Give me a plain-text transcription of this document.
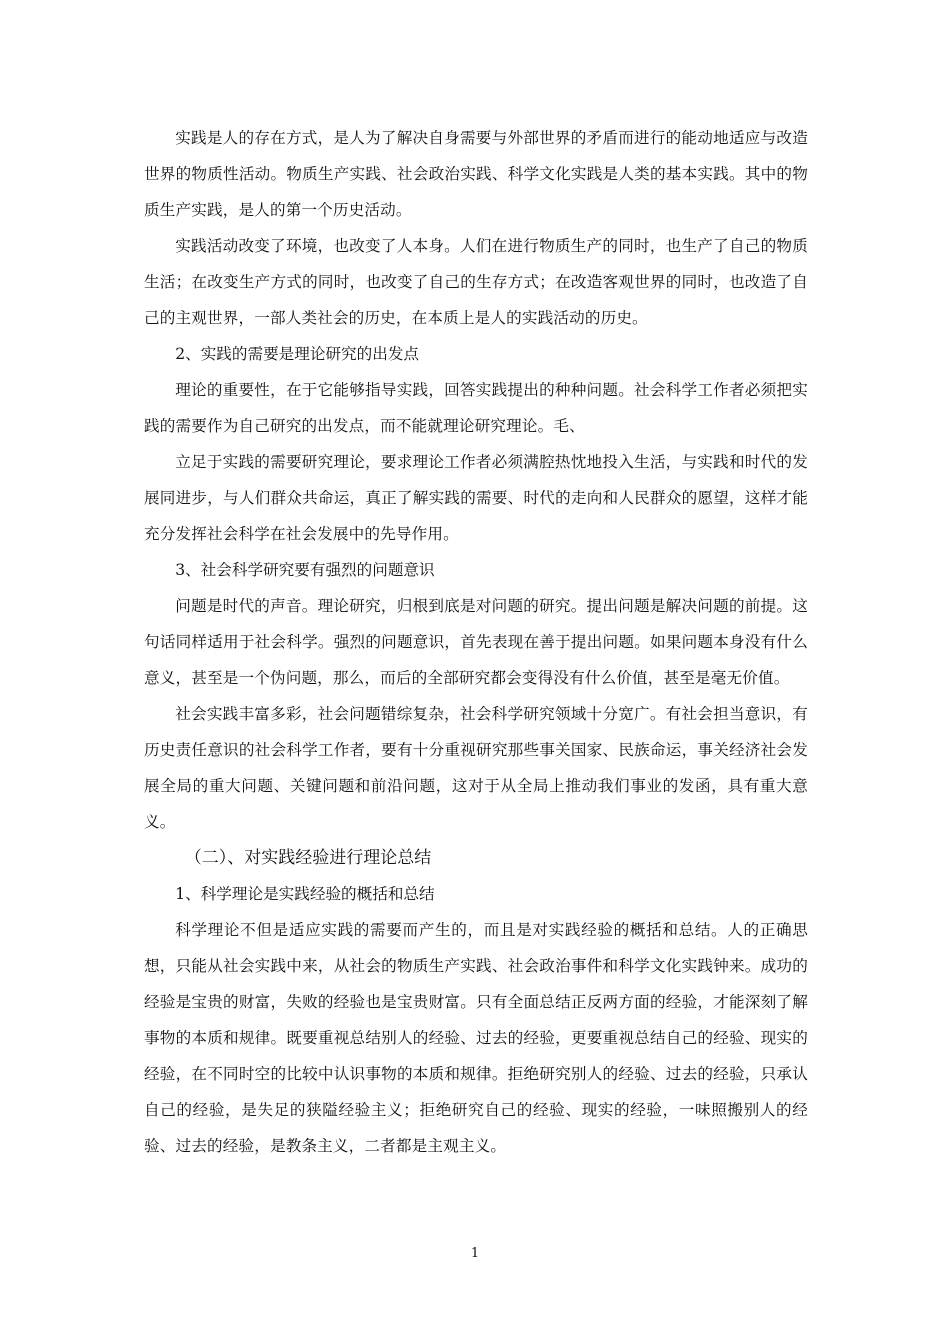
实践是人的存在方式，是人为了解决自身需要与外部世界的矛盾而进行的能动地适应与改造世界的物质性活动。物质生产实践、社会政治实践、科学文化实践是人类的基本实践。其中的物质生产实践，是人的第一个历史活动。

实践活动改变了环境，也改变了人本身。人们在进行物质生产的同时，也生产了自己的物质生活；在改变生产方式的同时，也改变了自己的生存方式；在改造客观世界的同时，也改造了自己的主观世界，一部人类社会的历史，在本质上是人的实践活动的历史。

2、实践的需要是理论研究的出发点

理论的重要性，在于它能够指导实践，回答实践提出的种种问题。社会科学工作者必须把实践的需要作为自己研究的出发点，而不能就理论研究理论。毛、

立足于实践的需要研究理论，要求理论工作者必须满腔热忱地投入生活，与实践和时代的发展同进步，与人们群众共命运，真正了解实践的需要、时代的走向和人民群众的愿望，这样才能充分发挥社会科学在社会发展中的先导作用。

3、社会科学研究要有强烈的问题意识

问题是时代的声音。理论研究，归根到底是对问题的研究。提出问题是解决问题的前提。这句话同样适用于社会科学。强烈的问题意识，首先表现在善于提出问题。如果问题本身没有什么意义，甚至是一个伪问题，那么，而后的全部研究都会变得没有什么价值，甚至是毫无价值。

社会实践丰富多彩，社会问题错综复杂，社会科学研究领域十分宽广。有社会担当意识，有历史责任意识的社会科学工作者，要有十分重视研究那些事关国家、民族命运，事关经济社会发展全局的重大问题、关键问题和前沿问题，这对于从全局上推动我们事业的发函，具有重大意义。

（二）、对实践经验进行理论总结

1、科学理论是实践经验的概括和总结

科学理论不但是适应实践的需要而产生的，而且是对实践经验的概括和总结。人的正确思想，只能从社会实践中来，从社会的物质生产实践、社会政治事件和科学文化实践钟来。成功的经验是宝贵的财富，失败的经验也是宝贵财富。只有全面总结正反两方面的经验，才能深刻了解事物的本质和规律。既要重视总结别人的经验、过去的经验，更要重视总结自己的经验、现实的经验，在不同时空的比较中认识事物的本质和规律。拒绝研究别人的经验、过去的经验，只承认自己的经验，是失足的狭隘经验主义；拒绝研究自己的经验、现实的经验，一味照搬别人的经验、过去的经验，是教条主义，二者都是主观主义。

1
